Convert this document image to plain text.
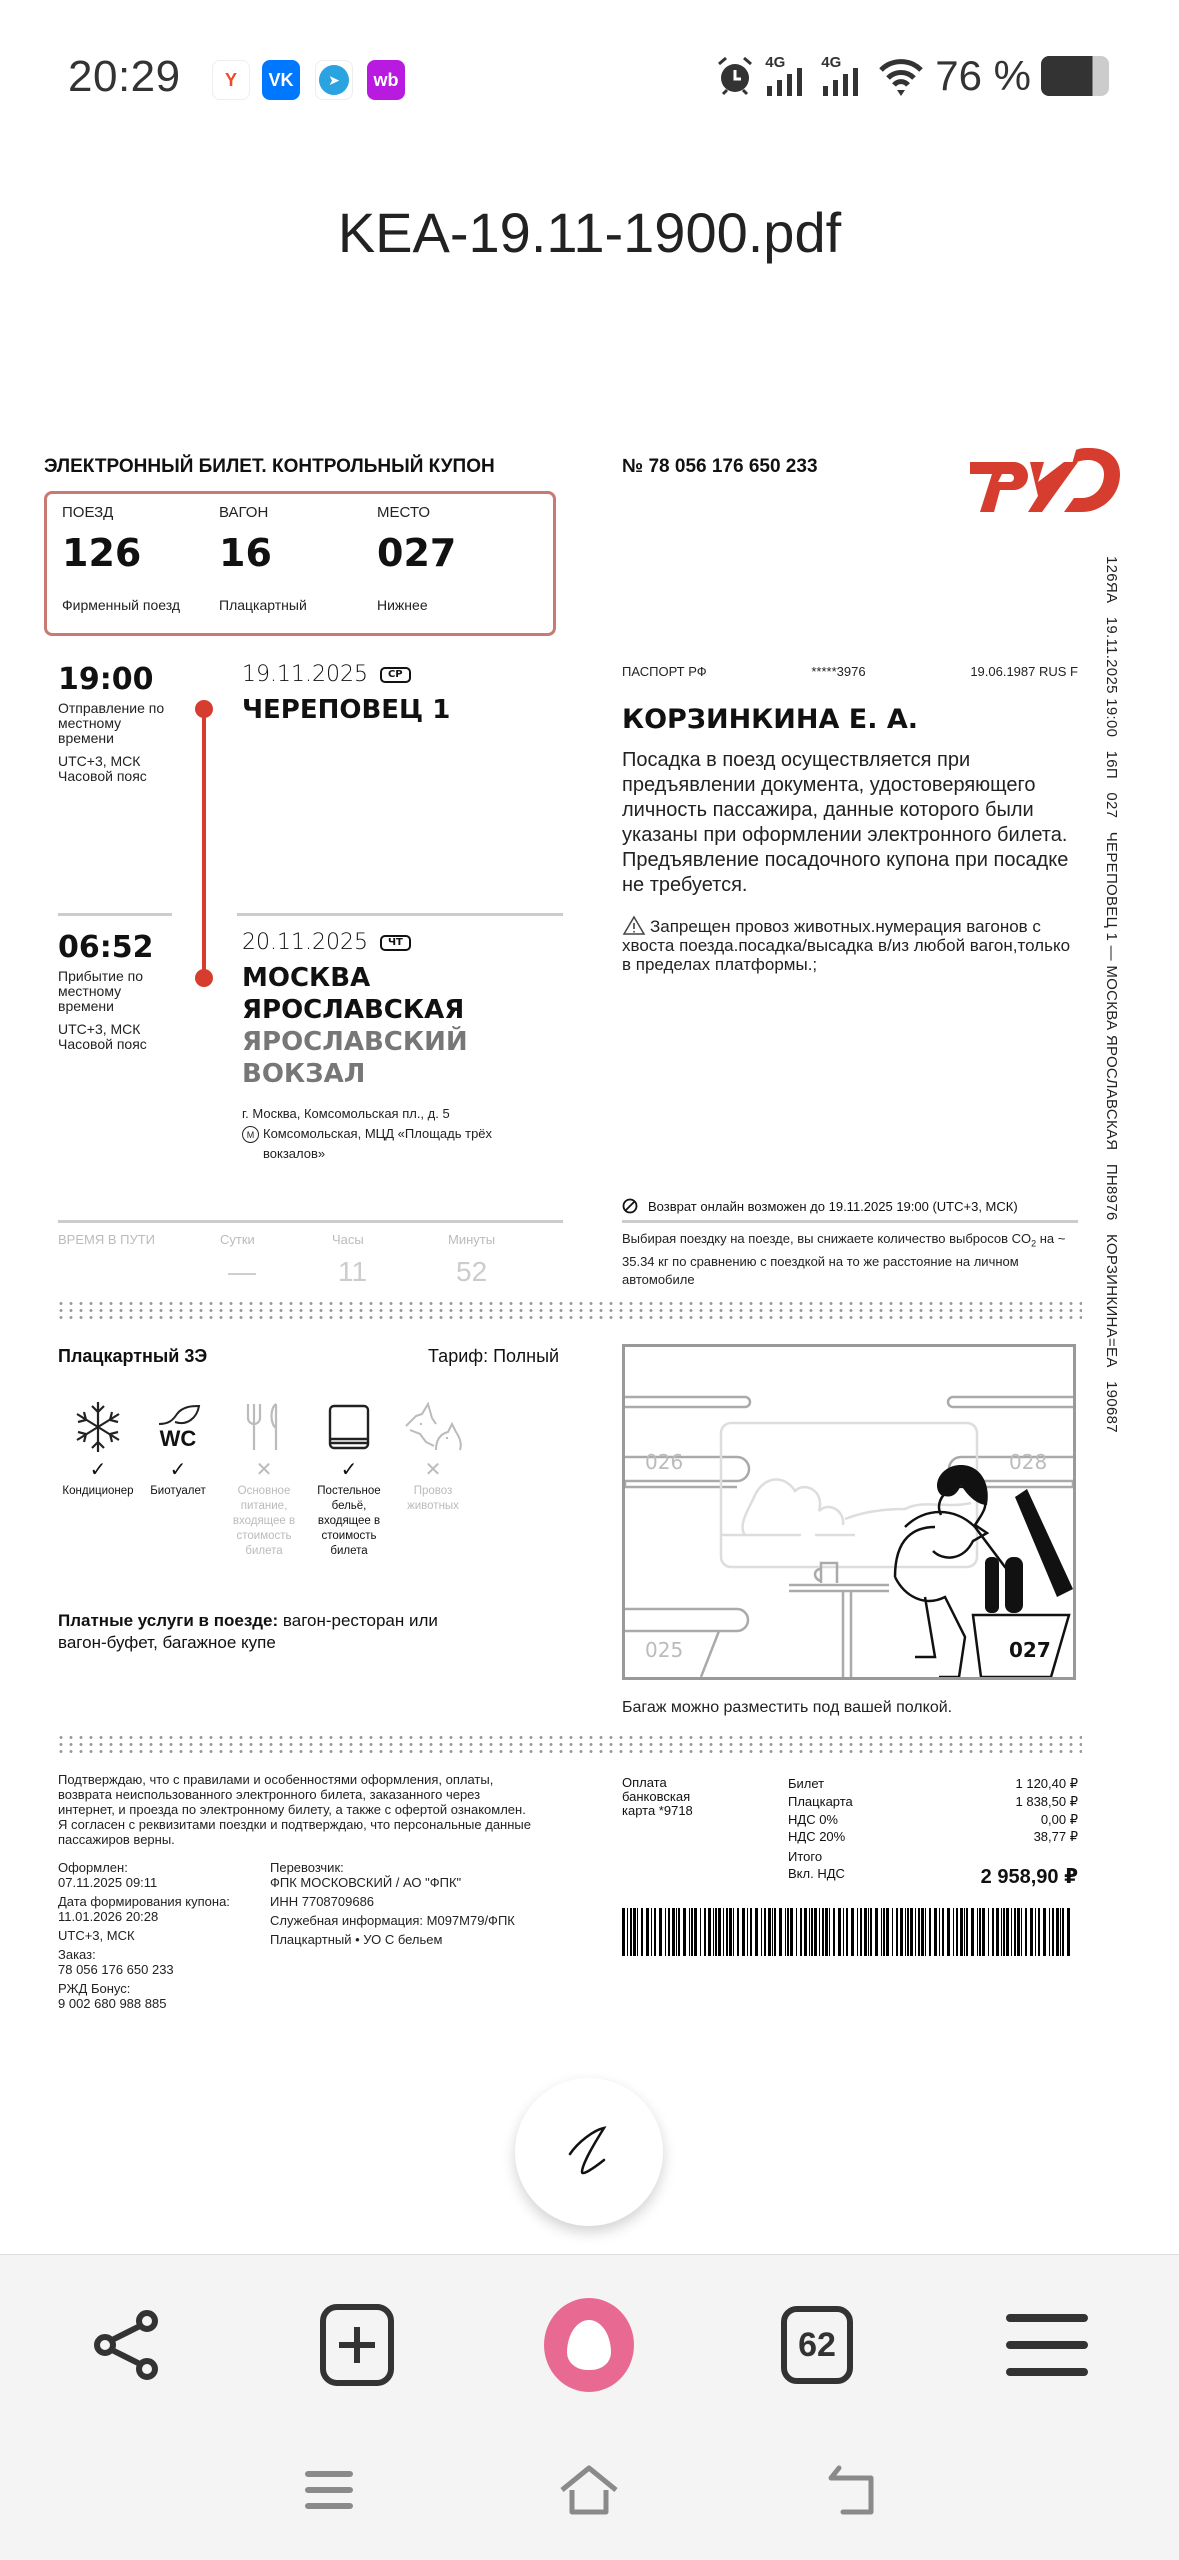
20:29 Y VK	➤	wb
4G 4G 76 %
KEA-19.11-1900.pdf
ЭЛЕКТРОННЫЙ БИЛЕТ. КОНТРОЛЬНЫЙ КУПОН	№ 78 056 176 650 233
ПОЕЗД
126
Фирменный поезд
ВАГОН
16
Плацкартный
МЕСТО
027
Нижнее
19:00
Отправление по местному времени
UTC+3, МСК
Часовой пояс
19.11.2025	СР
ЧЕРЕПОВЕЦ 1
06:52
Прибытие по местному времени
UTC+3, МСК
Часовой пояс
20.11.2025	ЧТ
МОСКВА
ЯРОСЛАВСКАЯ
ЯРОСЛАВСКИЙ
ВОКЗАЛ
г. Москва, Комсомольская пл., д. 5
М Комсомольская, МЦД «Площадь трёх вокзалов»
ВРЕМЯ В ПУТИ	Сутки	Часы	Минуты
—	11	52
ПАСПОРТ РФ	*****3976	19.06.1987 RUS F
КОРЗИНКИНА Е. А.
Посадка в поезд осуществляется при предъявлении документа, удостоверяющего личность пассажира, данные которого были указаны при оформлении электронного билета. Предъявление посадочного купона при посадке не требуется.
Запрещен провоз животных.нумерация вагонов с хвоста поезда.посадка/высадка в/из любой вагон,только в пределах платформы.;	126ЯА   19.11.2025 19:00   16П   027   ЧЕРЕПОВЕЦ 1 — МОСКВА ЯРОСЛАВСКАЯ   ПН8976   КОРЗИНКИНА=ЕА   190687
Возврат онлайн возможен до 19.11.2025 19:00 (UTC+3, МСК)
Выбирая поездку на поезде, вы снижаете количество выбросов $CO_2$ на ~ 35.34 кг по сравнению с поездкой на то же расстояние на личном автомобиле
Плацкартный 3Э	Тариф: Полный
✓
Кондиционер
WC
✓
Биотуалет
✕
Основное питание, входящее в стоимость билета
✓
Постельное бельё, входящее в стоимость билета
✕
Провоз животных
Платные услуги в поезде: вагон-ресторан или вагон-буфет, багажное купе
026	028
025	027
Багаж можно разместить под вашей полкой.
Подтверждаю, что с правилами и особенностями оформления, оплаты, возврата неиспользованного электронного билета, заказанного через интернет, и проезда по электронному билету, а также с офертой ознакомлен. Я согласен с реквизитами поездки и подтверждаю, что персональные данные пассажиров верны.
Оформлен:
07.11.2025 09:11
Дата формирования купона:
11.01.2026 20:28
UTC+3, МСК
Заказ:
78 056 176 650 233
РЖД Бонус:
9 002 680 988 885
Перевозчик:
ФПК МОСКОВСКИЙ / АО "ФПК"
ИНН 7708709686
Служебная информация: М097М79/ФПК
Плацкартный • УО С бельем
Оплата банковская карта *9718
Билет	1 120,40 ₽
Плацкарта	1 838,50 ₽
НДС 0%	0,00 ₽
НДС 20%	38,77 ₽
Итого
Вкл. НДС	2 958,90 ₽
62
